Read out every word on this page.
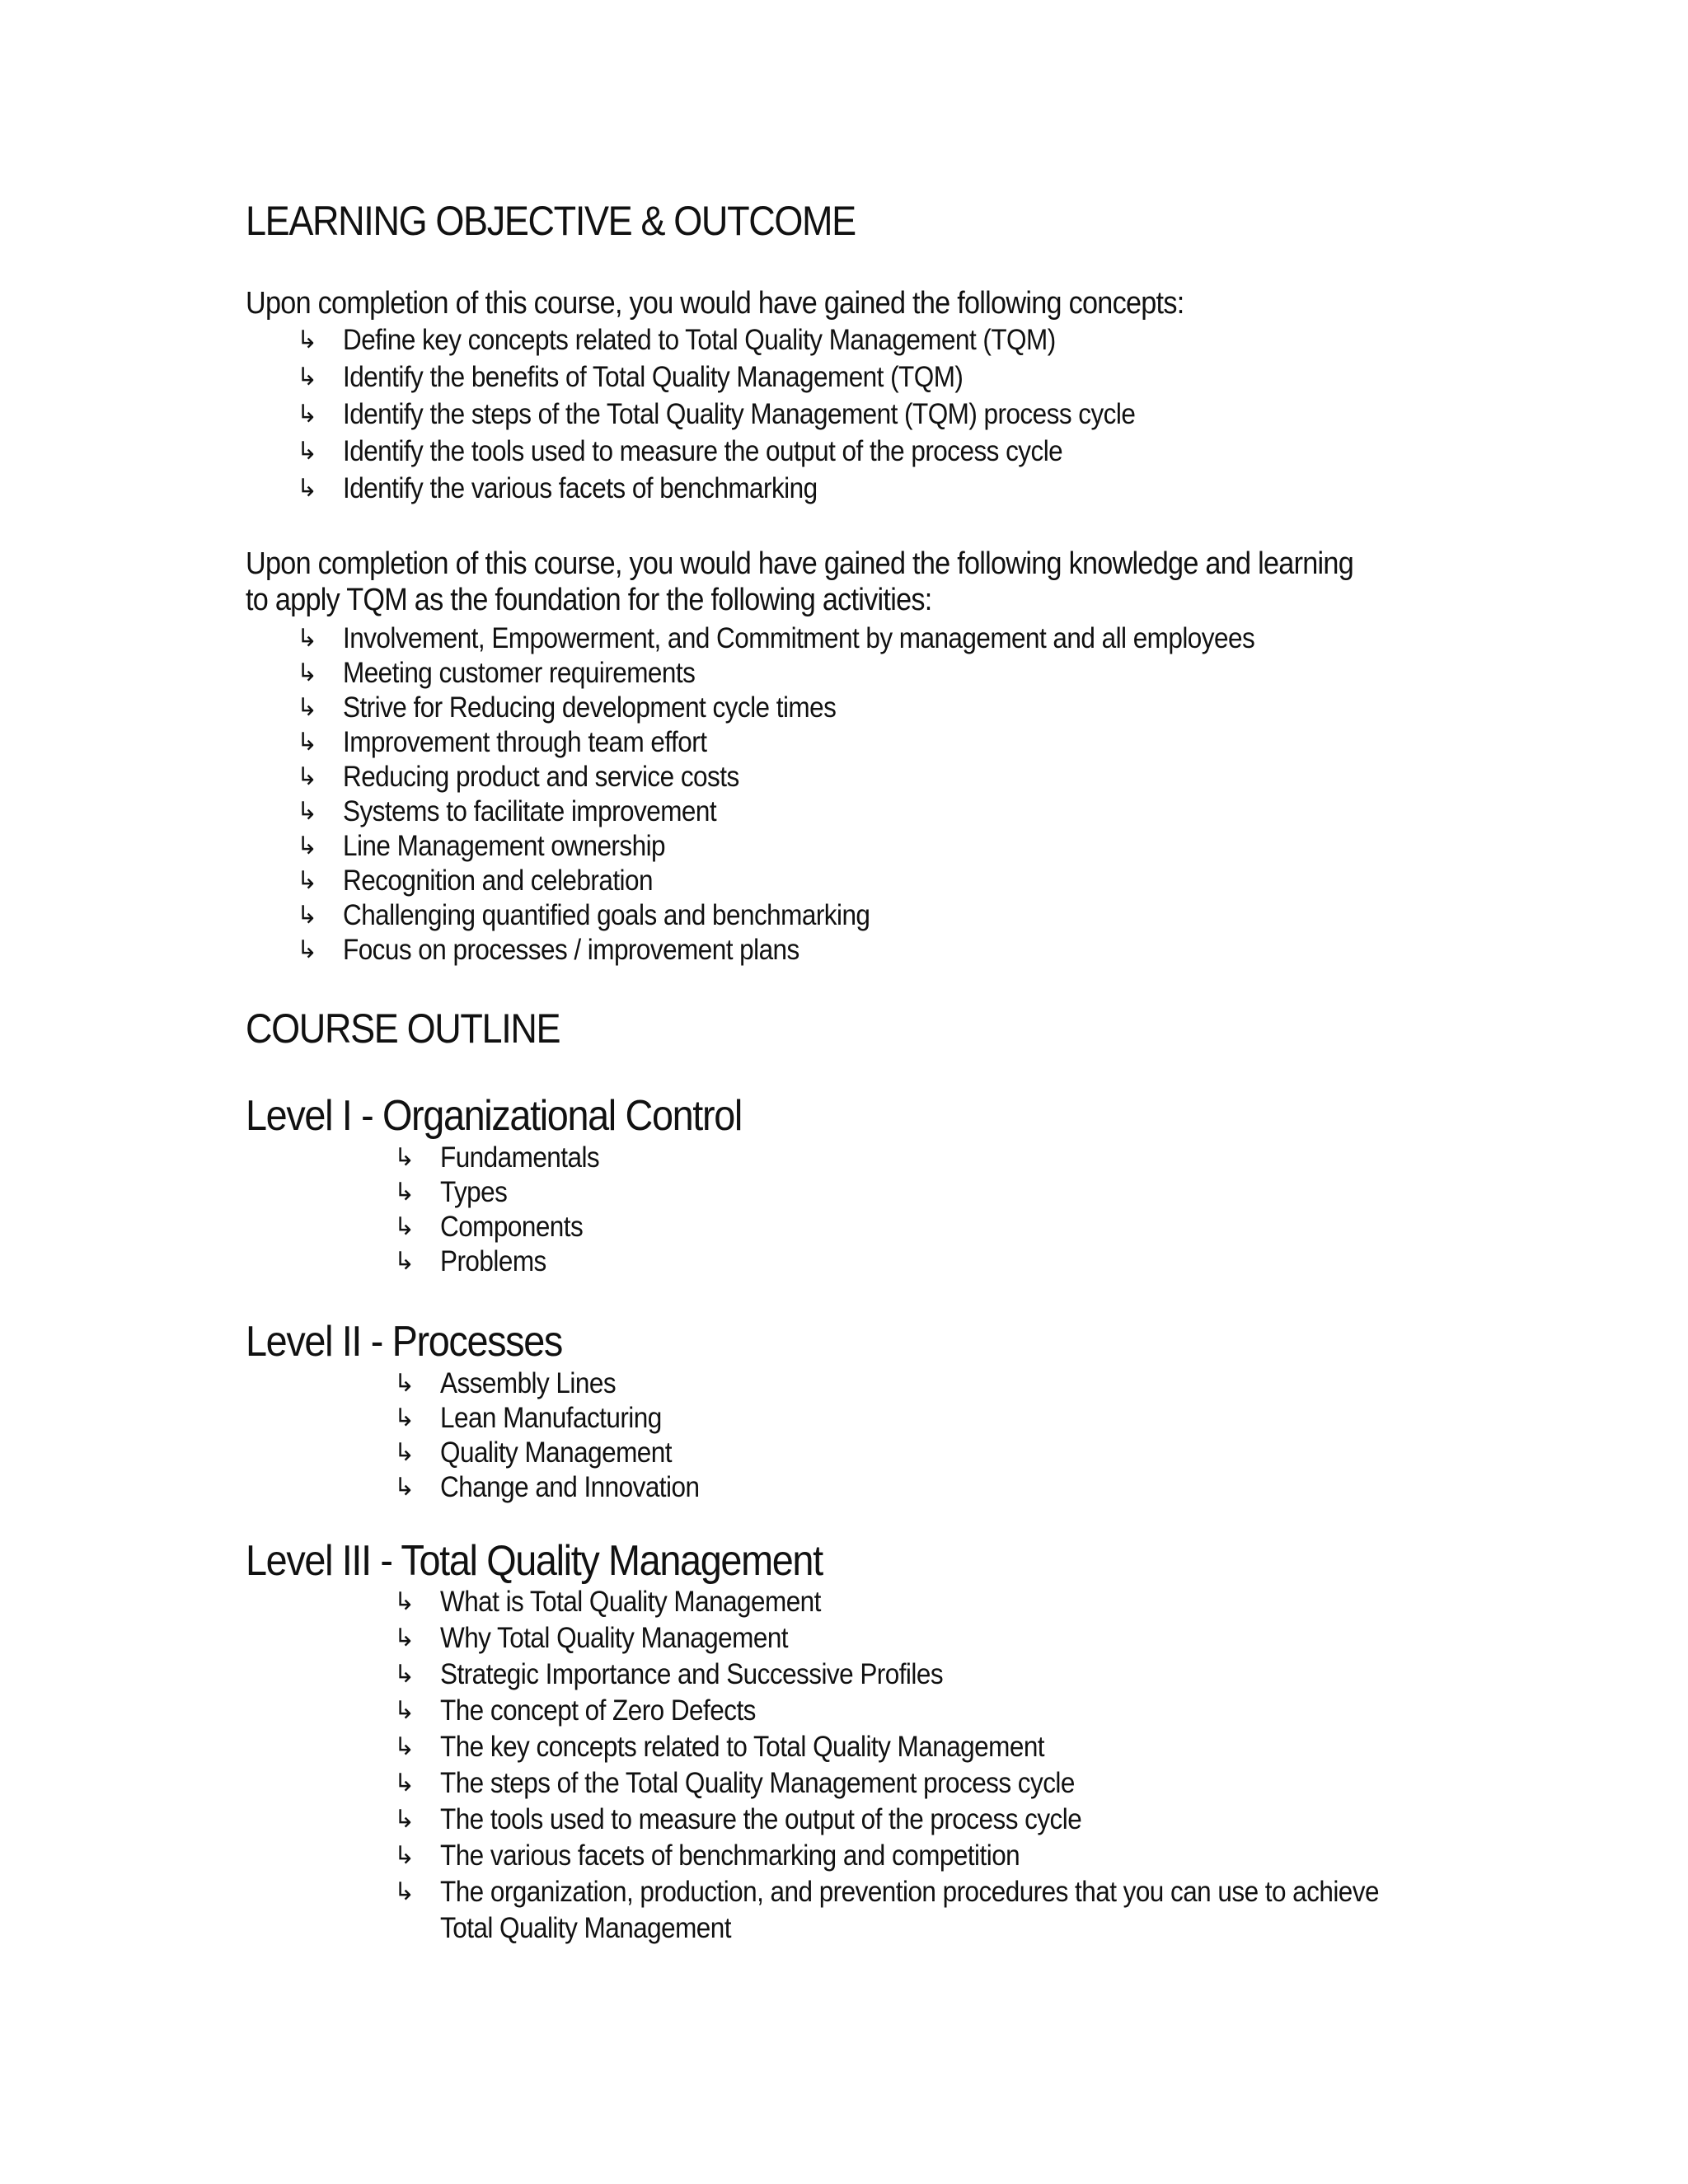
LEARNING OBJECTIVE & OUTCOME

Upon completion of this course, you would have gained the following concepts:

↳ Define key concepts related to Total Quality Management (TQM)
↳ Identify the benefits of Total Quality Management (TQM)
↳ Identify the steps of the Total Quality Management (TQM) process cycle
↳ Identify the tools used to measure the output of the process cycle
↳ Identify the various facets of benchmarking

Upon completion of this course, you would have gained the following knowledge and learning to apply TQM as the foundation for the following activities:

↳ Involvement, Empowerment, and Commitment by management and all employees
↳ Meeting customer requirements
↳ Strive for Reducing development cycle times
↳ Improvement through team effort
↳ Reducing product and service costs
↳ Systems to facilitate improvement
↳ Line Management ownership
↳ Recognition and celebration
↳ Challenging quantified goals and benchmarking
↳ Focus on processes / improvement plans
COURSE OUTLINE
Level I - Organizational Control
↳ Fundamentals
↳ Types
↳ Components
↳ Problems
Level II - Processes
↳ Assembly Lines
↳ Lean Manufacturing
↳ Quality Management
↳ Change and Innovation
Level III - Total Quality Management
↳ What is Total Quality Management
↳ Why Total Quality Management
↳ Strategic Importance and Successive Profiles
↳ The concept of Zero Defects
↳ The key concepts related to Total Quality Management
↳ The steps of the Total Quality Management process cycle
↳ The tools used to measure the output of the process cycle
↳ The various facets of benchmarking and competition
↳ The organization, production, and prevention procedures that you can use to achieve Total Quality Management
